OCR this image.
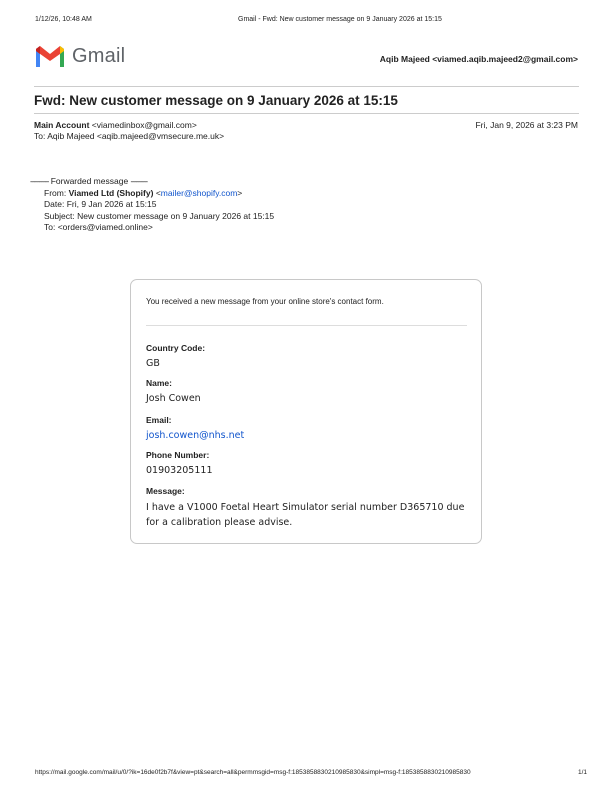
1/12/26, 10:48 AM	Gmail - Fwd: New customer message on 9 January 2026 at 15:15
Gmail	Aqib Majeed <viamed.aqib.majeed2@gmail.com>
Fwd: New customer message on 9 January 2026 at 15:15
Main Account <viamedinbox@gmail.com>	Fri, Jan 9, 2026 at 3:23 PM
To: Aqib Majeed <aqib.majeed@vmsecure.me.uk>
---------- Forwarded message ---------
From: Viamed Ltd (Shopify) <mailer@shopify.com>
Date: Fri, 9 Jan 2026 at 15:15
Subject: New customer message on 9 January 2026 at 15:15
To: <orders@viamed.online>
You received a new message from your online store's contact form.
Country Code:
GB
Name:
Josh Cowen
Email:
josh.cowen@nhs.net
Phone Number:
01903205111
Message:
I have a V1000 Foetal Heart Simulator serial number D365710 due for a calibration please advise.
https://mail.google.com/mail/u/0/?ik=16de0f2b7f&view=pt&search=all&permmsgid=msg-f:1853858830210985830&simpl=msg-f:1853858830210985830	1/1
